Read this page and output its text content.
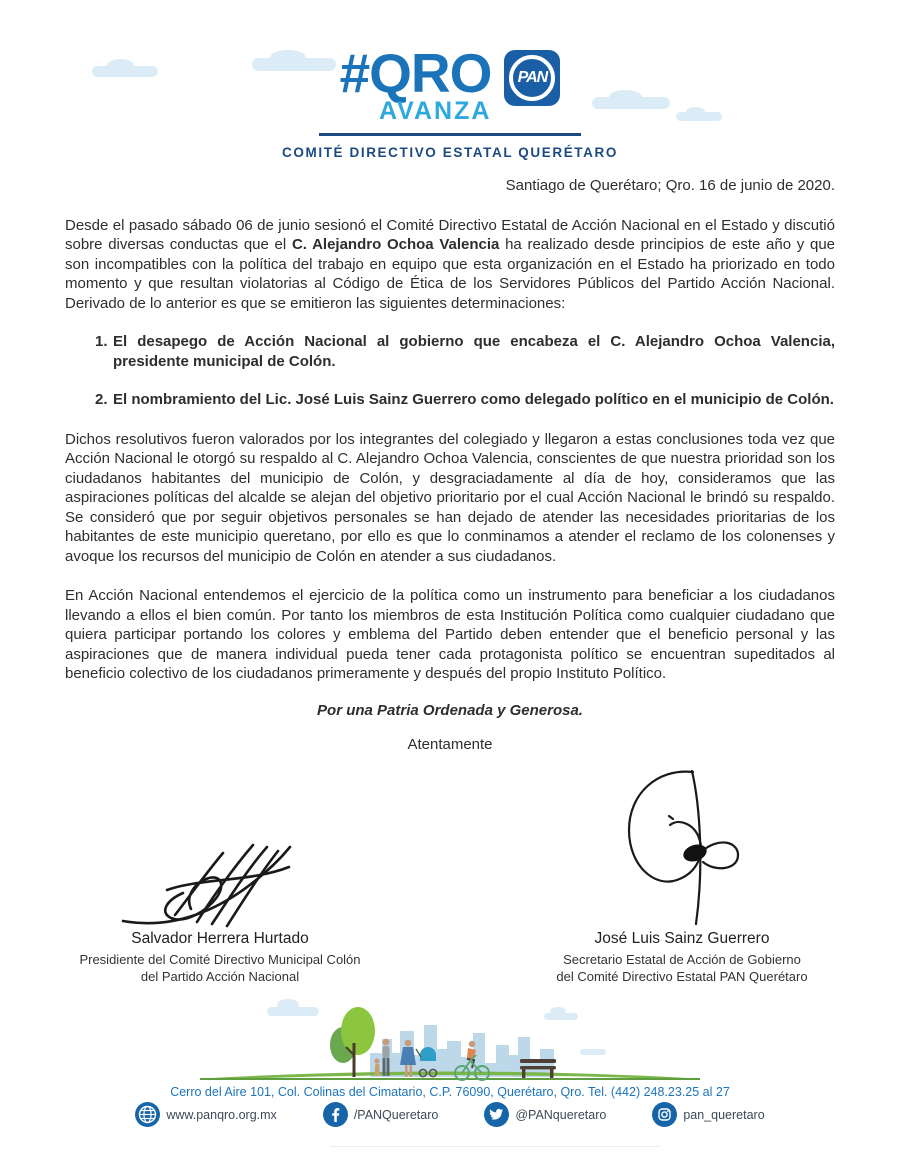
#QRO
AVANZA
PAN
COMITÉ DIRECTIVO ESTATAL QUERÉTARO
Santiago de Querétaro; Qro. 16 de junio de 2020.

Desde el pasado sábado 06 de junio sesionó el Comité Directivo Estatal de Acción Nacional en el Estado y discutió sobre diversas conductas que el C. Alejandro Ochoa Valencia ha realizado desde principios de este año y que son incompatibles con la política del trabajo en equipo que esta organización en el Estado ha priorizado en todo momento y que resultan violatorias al Código de Ética de los Servidores Públicos del Partido Acción Nacional. Derivado de lo anterior es que se emitieron las siguientes determinaciones:

1. El desapego de Acción Nacional al gobierno que encabeza el C. Alejandro Ochoa Valencia, presidente municipal de Colón.
2. El nombramiento del Lic. José Luis Sainz Guerrero como delegado político en el municipio de Colón.

Dichos resolutivos fueron valorados por los integrantes del colegiado y llegaron a estas conclusiones toda vez que Acción Nacional le otorgó su respaldo al C. Alejandro Ochoa Valencia, conscientes de que nuestra prioridad son los ciudadanos habitantes del municipio de Colón, y desgraciadamente al día de hoy, consideramos que las aspiraciones políticas del alcalde se alejan del objetivo prioritario por el cual Acción Nacional le brindó su respaldo. Se consideró que por seguir objetivos personales se han dejado de atender las necesidades prioritarias de los habitantes de este municipio queretano, por ello es que lo conminamos a atender el reclamo de los colonenses y avoque los recursos del municipio de Colón en atender a sus ciudadanos.

En Acción Nacional entendemos el ejercicio de la política como un instrumento para beneficiar a los ciudadanos llevando a ellos el bien común. Por tanto los miembros de esta Institución Política como cualquier ciudadano que quiera participar portando los colores y emblema del Partido deben entender que el beneficio personal y las aspiraciones que de manera individual pueda tener cada protagonista político se encuentran supeditados al beneficio colectivo de los ciudadanos primeramente y después del propio Instituto Político.

Por una Patria Ordenada y Generosa.
Atentamente
Salvador Herrera Hurtado
Presidiente del Comité Directivo Municipal Colón
del Partido Acción Nacional
José Luis Sainz Guerrero
Secretario Estatal de Acción de Gobierno
del Comité Directivo Estatal PAN Querétaro
Cerro del Aire 101, Col. Colinas del Cimatario, C.P. 76090, Querétaro, Qro. Tel. (442) 248.23.25 al 27
www.panqro.org.mx	/PANQueretaro	@PANqueretaro	pan_queretaro
